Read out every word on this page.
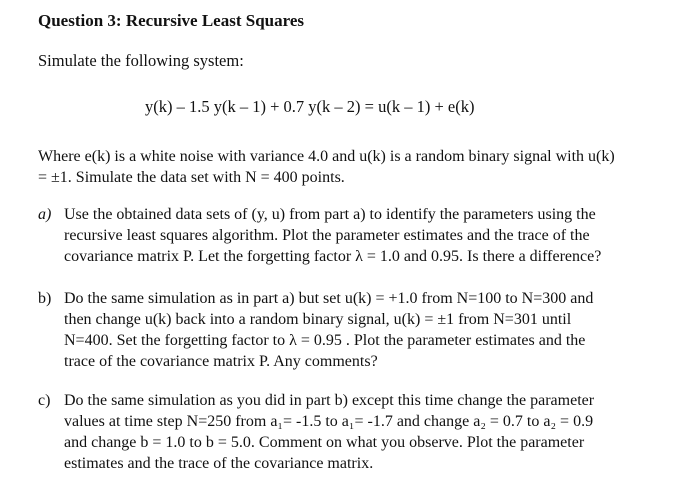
Question 3: Recursive Least Squares
Simulate the following system:
y(k) – 1.5 y(k – 1) + 0.7 y(k – 2) = u(k – 1) + e(k)
Where e(k) is a white noise with variance 4.0 and u(k) is a random binary signal with u(k)
= ±1. Simulate the data set with N = 400 points.
a) Use the obtained data sets of (y, u) from part a) to identify the parameters using the
recursive least squares algorithm. Plot the parameter estimates and the trace of the
covariance matrix P. Let the forgetting factor λ = 1.0 and 0.95. Is there a difference?
b) Do the same simulation as in part a) but set u(k) = +1.0 from N=100 to N=300 and
then change u(k) back into a random binary signal, u(k) = ±1 from N=301 until
N=400. Set the forgetting factor to λ = 0.95 . Plot the parameter estimates and the
trace of the covariance matrix P. Any comments?
c) Do the same simulation as you did in part b) except this time change the parameter
values at time step N=250 from a₁= -1.5 to a₁= -1.7 and change a₂ = 0.7 to a₂ = 0.9
and change b = 1.0 to b = 5.0. Comment on what you observe. Plot the parameter
estimates and the trace of the covariance matrix.
